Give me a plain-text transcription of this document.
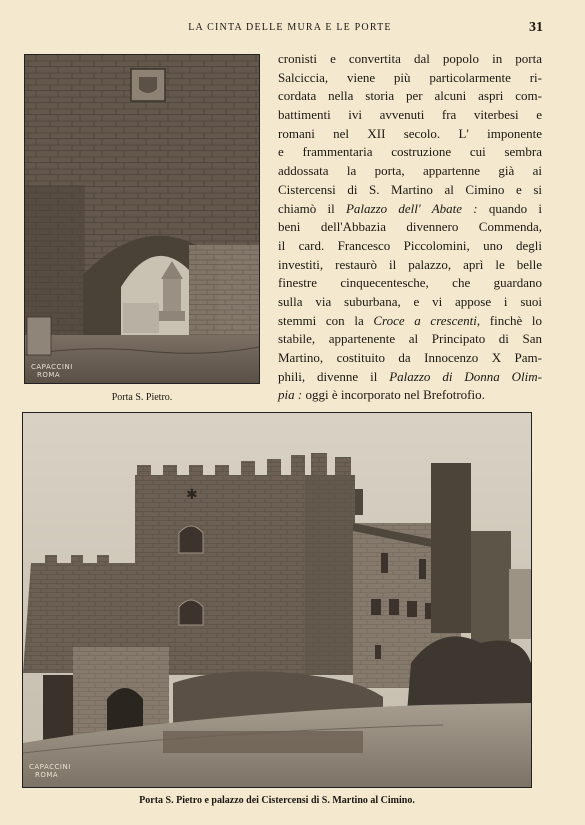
LA CINTA DELLE MURA E LE PORTE	31
CAPACCINI
ROMA
Porta S. Pietro.
cronisti e convertita dal popolo in porta
Salciccia, viene più particolarmente ri-
cordata nella storia per alcuni aspri com-
battimenti ivi avvenuti fra viterbesi e
romani nel XII secolo. L' imponente
e frammentaria costruzione cui sembra
addossata la porta, appartenne già ai
Cistercensi di S. Martino al Cimino e si
chiamò il Palazzo dell' Abate : quando i
beni dell'Abbazia divennero Commenda,
il card. Francesco Piccolomini, uno degli
investiti, restaurò il palazzo, aprì le belle
finestre cinquecentesche, che guardano
sulla via suburbana, e vi appose i suoi
stemmi con la Croce a crescenti, finchè lo
stabile, appartenente al Principato di San
Martino, costituito da Innocenzo X Pam-
phili, divenne il Palazzo di Donna Olim-
pia : oggi è incorporato nel Brefotrofio.
✱
CAPACCINI
ROMA
Porta S. Pietro e palazzo dei Cistercensi di S. Martino al Cimino.
